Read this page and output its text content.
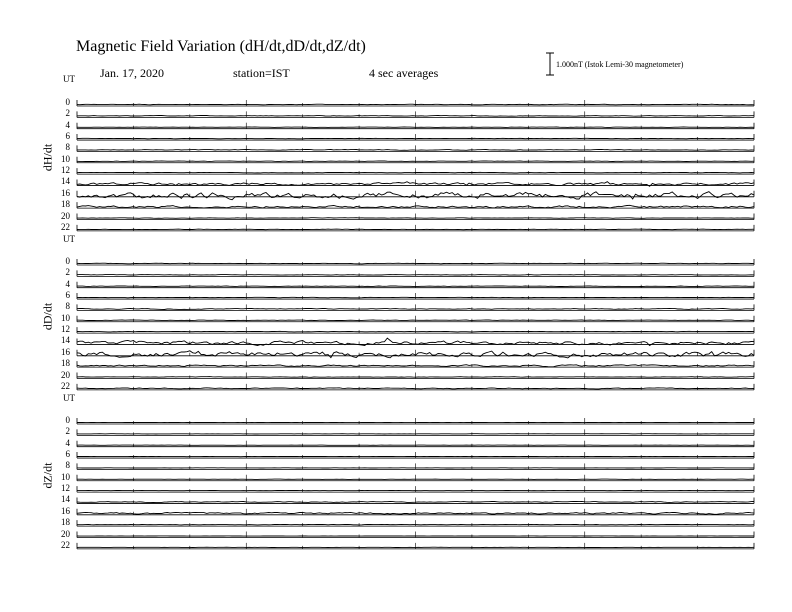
Magnetic Field Variation (dH/dt,dD/dt,dZ/dt)
Jan. 17, 2020	station=IST	4 sec averages
1.000nT (Istok Lemi-30 magnetometer)
UT
UT
UT
dH/dt
dD/dt
dZ/dt
0
2
4
6
8
10
12
14
16
18
20
22
0
2
4
6
8
10
12
14
16
18
20
22
0
2
4
6
8
10
12
14
16
18
20
22
